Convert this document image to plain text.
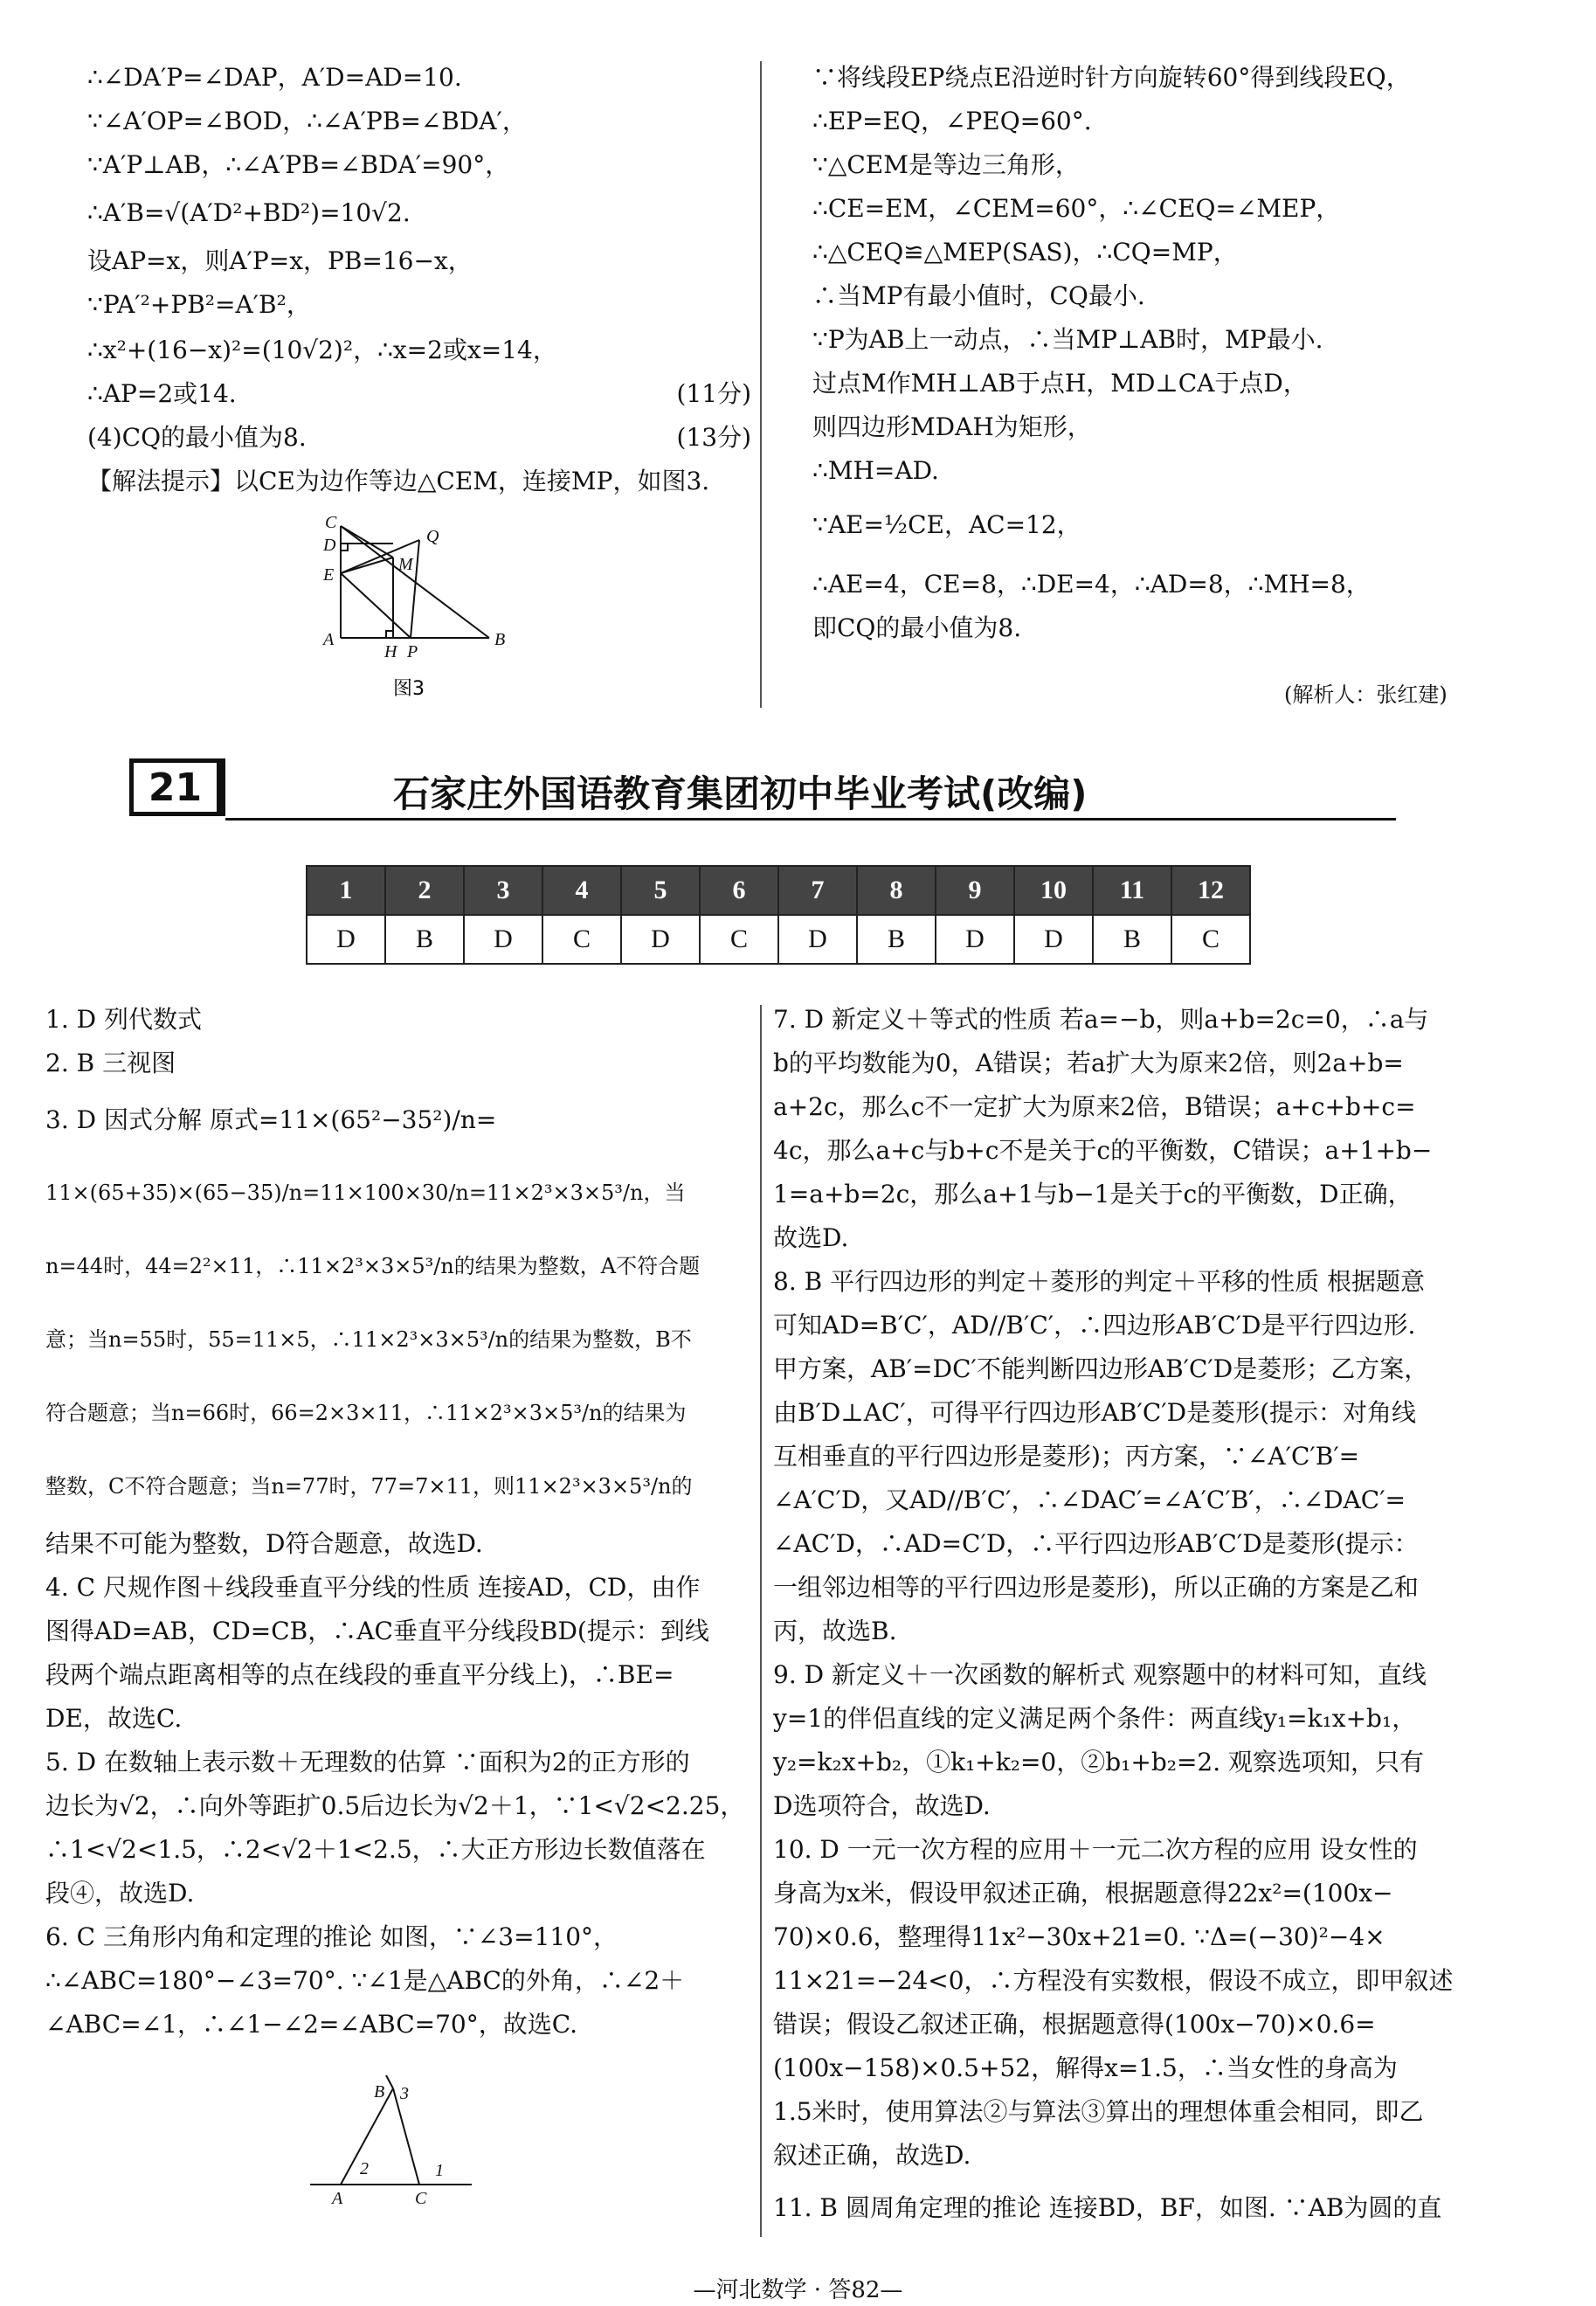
∴∠DA′P=∠DAP，A′D=AD=10.
∵∠A′OP=∠BOD，∴∠A′PB=∠BDA′，
∵A′P⊥AB，∴∠A′PB=∠BDA′=90°，
∴A′B=√(A′D²+BD²)=10√2.
设AP=x，则A′P=x，PB=16−x，
∵PA′²+PB²=A′B²，
∴x²+(16−x)²=(10√2)²，∴x=2或x=14，
∴AP=2或14.	(11分)
(4)CQ的最小值为8.	(13分)
【解法提示】以CE为边作等边△CEM，连接MP，如图3.
C
Q
D
M
E
A
H P
B
图3
∵将线段EP绕点E沿逆时针方向旋转60°得到线段EQ，
∴EP=EQ，∠PEQ=60°.
∵△CEM是等边三角形，
∴CE=EM，∠CEM=60°，∴∠CEQ=∠MEP，
∴△CEQ≌△MEP(SAS)，∴CQ=MP，
∴当MP有最小值时，CQ最小.
∵P为AB上一动点，∴当MP⊥AB时，MP最小.
过点M作MH⊥AB于点H，MD⊥CA于点D，
则四边形MDAH为矩形，
∴MH=AD.
∵AE=½CE，AC=12，
∴AE=4，CE=8，∴DE=4，∴AD=8，∴MH=8，
即CQ的最小值为8.
(解析人：张红建)
21	石家庄外国语教育集团初中毕业考试(改编)
1	2	3	4	5	6	7	8	9	10	11	12
D	B	D	C	D	C	D	B	D	D	B	C
1. D 列代数式
2. B 三视图
3. D 因式分解 原式=11×(65²−35²)/n=
11×(65+35)×(65−35)/n=11×100×30/n=11×2³×3×5³/n，当
n=44时，44=2²×11，∴11×2³×3×5³/n的结果为整数，A不符合题
意；当n=55时，55=11×5，∴11×2³×3×5³/n的结果为整数，B不
符合题意；当n=66时，66=2×3×11，∴11×2³×3×5³/n的结果为
整数，C不符合题意；当n=77时，77=7×11，则11×2³×3×5³/n的
结果不可能为整数，D符合题意，故选D.
4. C 尺规作图＋线段垂直平分线的性质 连接AD，CD，由作
图得AD=AB，CD=CB，∴AC垂直平分线段BD(提示：到线
段两个端点距离相等的点在线段的垂直平分线上)，∴BE=
DE，故选C.
5. D 在数轴上表示数＋无理数的估算 ∵面积为2的正方形的
边长为√2，∴向外等距扩0.5后边长为√2＋1，∵1<√2<2.25，
∴1<√2<1.5，∴2<√2＋1<2.5，∴大正方形边长数值落在
段④，故选D.
6. C 三角形内角和定理的推论 如图，∵∠3=110°，
∴∠ABC=180°−∠3=70°. ∵∠1是△ABC的外角，∴∠2＋
∠ABC=∠1，∴∠1−∠2=∠ABC=70°，故选C.
B 3
2	1
A	C
7. D 新定义＋等式的性质 若a=−b，则a+b=2c=0，∴a与
b的平均数能为0，A错误；若a扩大为原来2倍，则2a+b=
a+2c，那么c不一定扩大为原来2倍，B错误；a+c+b+c=
4c，那么a+c与b+c不是关于c的平衡数，C错误；a+1+b−
1=a+b=2c，那么a+1与b−1是关于c的平衡数，D正确，
故选D.
8. B 平行四边形的判定＋菱形的判定＋平移的性质 根据题意
可知AD=B′C′，AD//B′C′，∴四边形AB′C′D是平行四边形.
甲方案，AB′=DC′不能判断四边形AB′C′D是菱形；乙方案，
由B′D⊥AC′，可得平行四边形AB′C′D是菱形(提示：对角线
互相垂直的平行四边形是菱形)；丙方案，∵∠A′C′B′=
∠A′C′D，又AD//B′C′，∴∠DAC′=∠A′C′B′，∴∠DAC′=
∠AC′D，∴AD=C′D，∴平行四边形AB′C′D是菱形(提示：
一组邻边相等的平行四边形是菱形)，所以正确的方案是乙和
丙，故选B.
9. D 新定义＋一次函数的解析式 观察题中的材料可知，直线
y=1的伴侣直线的定义满足两个条件：两直线y₁=k₁x+b₁，
y₂=k₂x+b₂，①k₁+k₂=0，②b₁+b₂=2. 观察选项知，只有
D选项符合，故选D.
10. D 一元一次方程的应用＋一元二次方程的应用 设女性的
身高为x米，假设甲叙述正确，根据题意得22x²=(100x−
70)×0.6，整理得11x²−30x+21=0. ∵Δ=(−30)²−4×
11×21=−24<0，∴方程没有实数根，假设不成立，即甲叙述
错误；假设乙叙述正确，根据题意得(100x−70)×0.6=
(100x−158)×0.5+52，解得x=1.5，∴当女性的身高为
1.5米时，使用算法②与算法③算出的理想体重会相同，即乙
叙述正确，故选D.
11. B 圆周角定理的推论 连接BD，BF，如图. ∵AB为圆的直
—河北数学 · 答82—
